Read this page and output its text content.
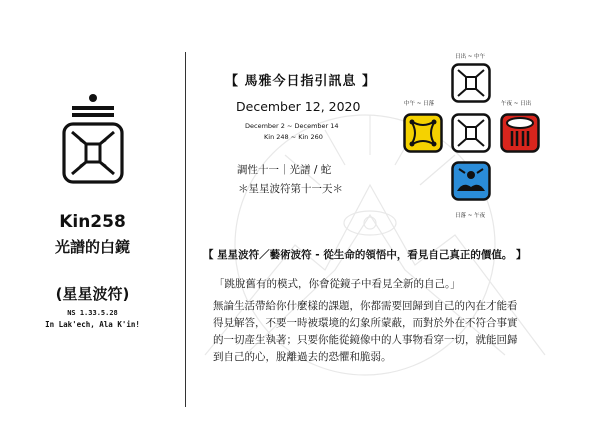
Kin258
光譜的白鏡
(星星波符)
NS 1.33.5.28
In Lak'ech, Ala K'in!
【 馬雅今日指引訊息 】
December 12, 2020
December 2 ~ December 14
Kin 248 ~ Kin 260
調性十一｜光譜 / 蛇
＊星星波符第十一天＊
日出 ~ 中午
中午 ~ 日落	午夜 ~ 日出
日落 ~ 午夜
【 星星波符／藝術波符 - 從生命的領悟中，看見自己真正的價值。 】
「跳脫舊有的模式，你會從鏡子中看見全新的自己。」
無論生活帶給你什麼樣的課題，你都需要回歸到自己的內在才能看
得見解答，不要一時被環境的幻象所蒙蔽，而對於外在不符合事實
的一切產生執著；只要你能從鏡像中的人事物看穿一切，就能回歸
到自己的心，脫離過去的恐懼和脆弱。
